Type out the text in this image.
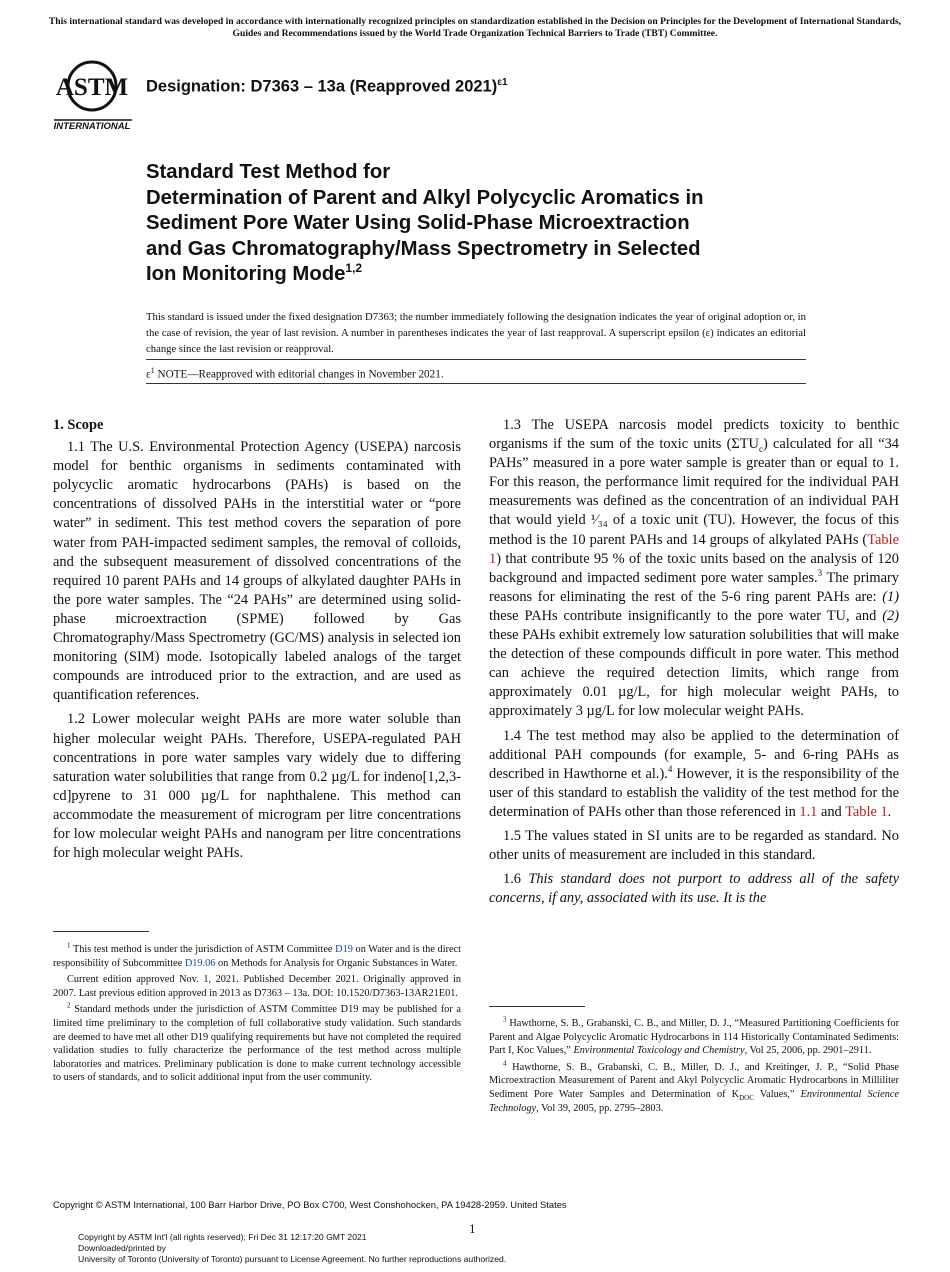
This international standard was developed in accordance with internationally recognized principles on standardization established in the Decision on Principles for the Development of International Standards, Guides and Recommendations issued by the World Trade Organization Technical Barriers to Trade (TBT) Committee.
ASTM
INTERNATIONAL
Designation: D7363 – 13a (Reapproved 2021)$^{\varepsilon 1}$
Standard Test Method for
Determination of Parent and Alkyl Polycyclic Aromatics in
Sediment Pore Water Using Solid-Phase Microextraction
and Gas Chromatography/Mass Spectrometry in Selected
Ion Monitoring Mode$^{1,2}$
This standard is issued under the fixed designation D7363; the number immediately following the designation indicates the year of original adoption or, in the case of revision, the year of last revision. A number in parentheses indicates the year of last reapproval. A superscript epsilon (ε) indicates an editorial change since the last revision or reapproval.
$\varepsilon^1$ NOTE—Reapproved with editorial changes in November 2021.
1. Scope

1.1 The U.S. Environmental Protection Agency (USEPA) narcosis model for benthic organisms in sediments contaminated with polycyclic aromatic hydrocarbons (PAHs) is based on the concentrations of dissolved PAHs in the interstitial water or “pore water” in sediment. This test method covers the separation of pore water from PAH-impacted sediment samples, the removal of colloids, and the subsequent measurement of dissolved concentrations of the required 10 parent PAHs and 14 groups of alkylated daughter PAHs in the pore water samples. The “24 PAHs” are determined using solid-phase microextraction (SPME) followed by Gas Chromatography/Mass Spectrometry (GC/MS) analysis in selected ion monitoring (SIM) mode. Isotopically labeled analogs of the target compounds are introduced prior to the extraction, and are used as quantification references.

1.2 Lower molecular weight PAHs are more water soluble than higher molecular weight PAHs. Therefore, USEPA-regulated PAH concentrations in pore water samples vary widely due to differing saturation water solubilities that range from 0.2 µg/L for indeno[1,2,3-cd]pyrene to 31 000 µg/L for naphthalene. This method can accommodate the measurement of microgram per litre concentrations for low molecular weight PAHs and nanogram per litre concentrations for high molecular weight PAHs.

1.3 The USEPA narcosis model predicts toxicity to benthic organisms if the sum of the toxic units $(\Sigma TU_c)$ calculated for all “34 PAHs” measured in a pore water sample is greater than or equal to 1. For this reason, the performance limit required for the individual PAH measurements was defined as the concentration of an individual PAH that would yield ¹⁄₃₄ of a toxic unit (TU). However, the focus of this method is the 10 parent PAHs and 14 groups of alkylated PAHs (Table 1) that contribute 95 % of the toxic units based on the analysis of 120 background and impacted sediment pore water samples.$^3$ The primary reasons for eliminating the rest of the 5-6 ring parent PAHs are: (1) these PAHs contribute insignificantly to the pore water TU, and (2) these PAHs exhibit extremely low saturation solubilities that will make the detection of these compounds difficult in pore water. This method can achieve the required detection limits, which range from approximately 0.01 µg/L, for high molecular weight PAHs, to approximately 3 µg/L for low molecular weight PAHs.

1.4 The test method may also be applied to the determination of additional PAH compounds (for example, 5- and 6-ring PAHs as described in Hawthorne et al.).$^4$ However, it is the responsibility of the user of this standard to establish the validity of the test method for the determination of PAHs other than those referenced in 1.1 and Table 1.

1.5 The values stated in SI units are to be regarded as standard. No other units of measurement are included in this standard.

1.6 This standard does not purport to address all of the safety concerns, if any, associated with its use. It is the

$^1$ This test method is under the jurisdiction of ASTM Committee D19 on Water and is the direct responsibility of Subcommittee D19.06 on Methods for Analysis for Organic Substances in Water.

Current edition approved Nov. 1, 2021. Published December 2021. Originally approved in 2007. Last previous edition approved in 2013 as D7363 – 13a. DOI: 10.1520/D7363-13AR21E01.

$^2$ Standard methods under the jurisdiction of ASTM Committee D19 may be published for a limited time preliminary to the completion of full collaborative study validation. Such standards are deemed to have met all other D19 qualifying requirements but have not completed the required validation studies to fully characterize the performance of the test method across multiple laboratories and matrices. Preliminary publication is done to make current technology accessible to users of standards, and to solicit additional input from the user community.

$^3$ Hawthorne, S. B., Grabanski, C. B., and Miller, D. J., “Measured Partitioning Coefficients for Parent and Algae Polycyclic Aromatic Hydrocarbons in 114 Historically Contaminated Sediments: Part I, Koc Values,” Environmental Toxicology and Chemistry, Vol 25, 2006, pp. 2901–2911.

$^4$ Hawthorne, S. B., Grabanski, C. B., Miller, D. J., and Kreitinger, J. P., “Solid Phase Microextraction Measurement of Parent and Akyl Polycyclic Aromatic Hydrocarbons in Milliliter Sediment Pore Water Samples and Determination of $K_{DOC}$ Values,” Environmental Science Technology, Vol 39, 2005, pp. 2795–2803.

Copyright © ASTM International, 100 Barr Harbor Drive, PO Box C700, West Conshohocken, PA 19428-2959. United States
1
Copyright by ASTM Int'l (all rights reserved); Fri Dec 31 12:17:20 GMT 2021
Downloaded/printed by
University of Toronto (University of Toronto) pursuant to License Agreement. No further reproductions authorized.
